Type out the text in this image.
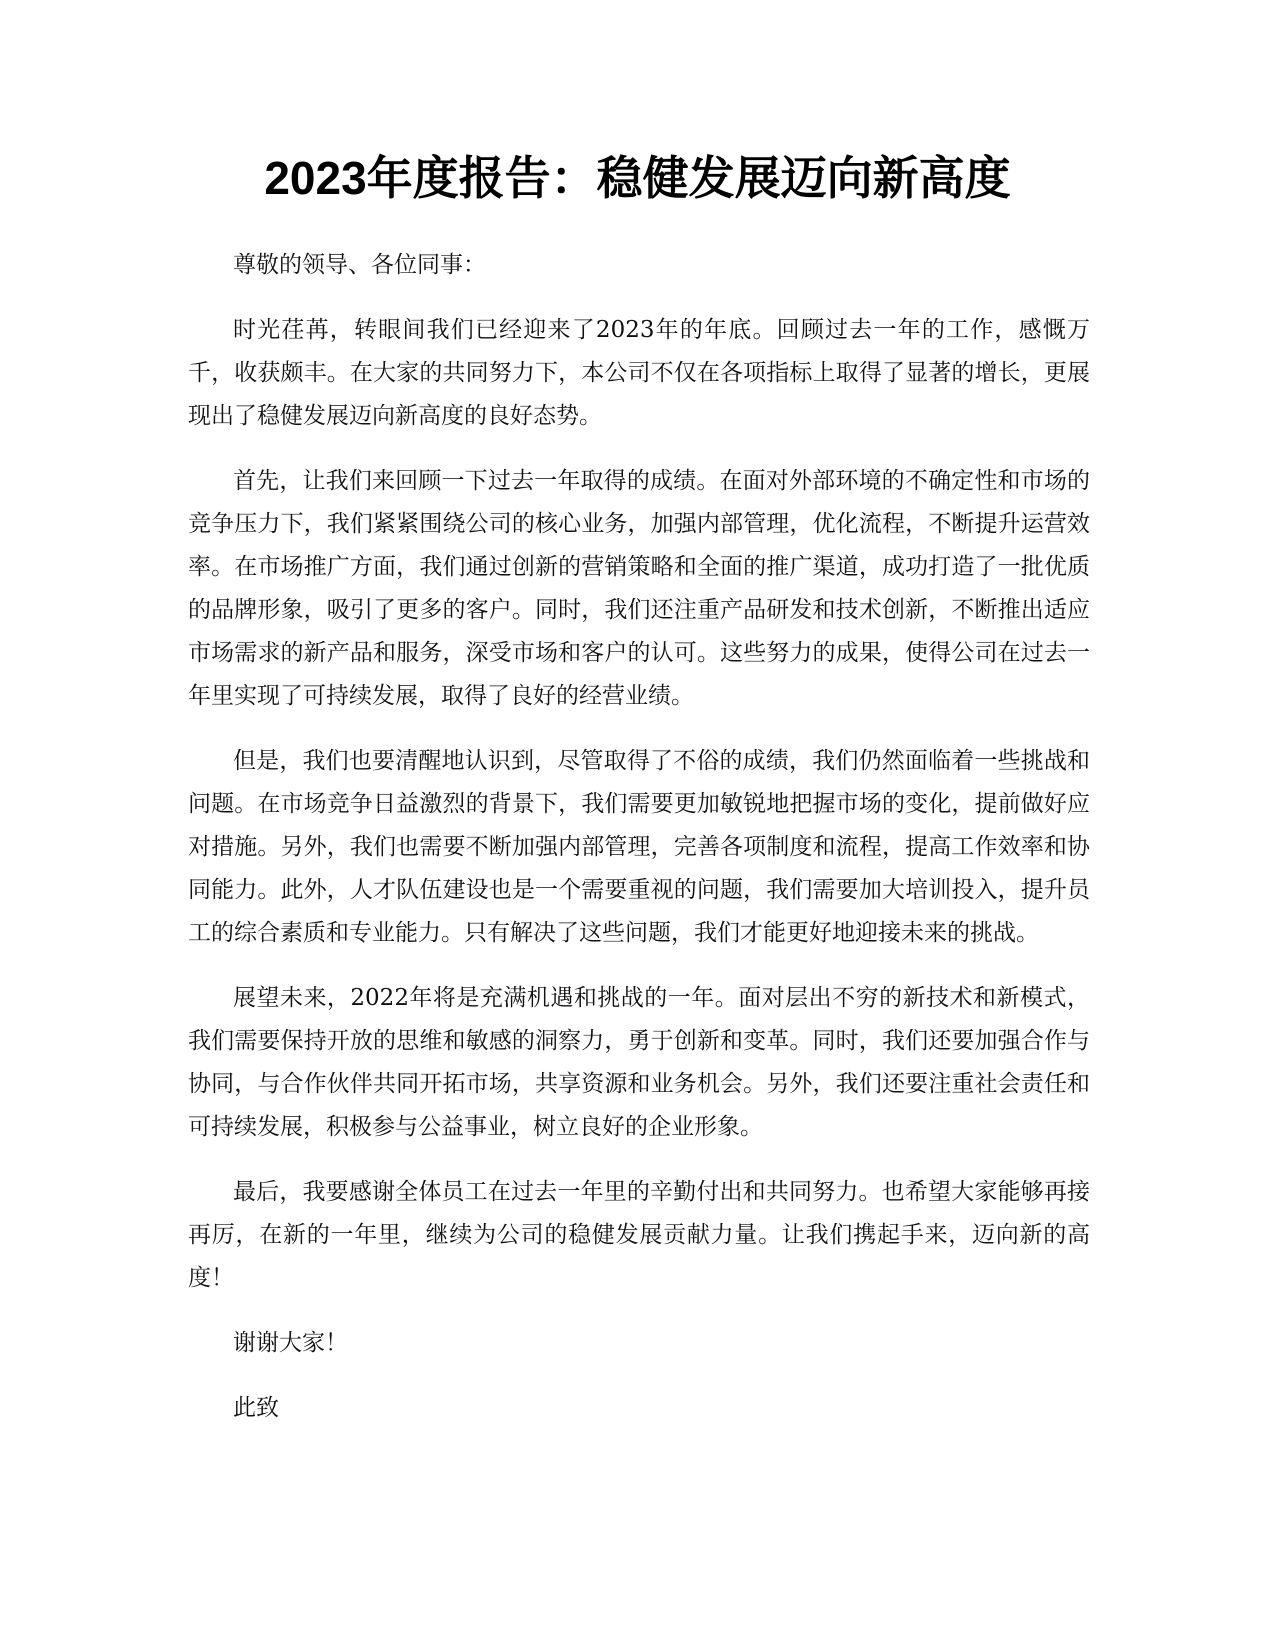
2023年度报告：稳健发展迈向新高度

尊敬的领导、各位同事：

时光荏苒，转眼间我们已经迎来了2023年的年底。回顾过去一年的工作，感慨万千，收获颇丰。在大家的共同努力下，本公司不仅在各项指标上取得了显著的增长，更展现出了稳健发展迈向新高度的良好态势。

首先，让我们来回顾一下过去一年取得的成绩。在面对外部环境的不确定性和市场的竞争压力下，我们紧紧围绕公司的核心业务，加强内部管理，优化流程，不断提升运营效率。在市场推广方面，我们通过创新的营销策略和全面的推广渠道，成功打造了一批优质的品牌形象，吸引了更多的客户。同时，我们还注重产品研发和技术创新，不断推出适应市场需求的新产品和服务，深受市场和客户的认可。这些努力的成果，使得公司在过去一年里实现了可持续发展，取得了良好的经营业绩。

但是，我们也要清醒地认识到，尽管取得了不俗的成绩，我们仍然面临着一些挑战和问题。在市场竞争日益激烈的背景下，我们需要更加敏锐地把握市场的变化，提前做好应对措施。另外，我们也需要不断加强内部管理，完善各项制度和流程，提高工作效率和协同能力。此外，人才队伍建设也是一个需要重视的问题，我们需要加大培训投入，提升员工的综合素质和专业能力。只有解决了这些问题，我们才能更好地迎接未来的挑战。

展望未来，2022年将是充满机遇和挑战的一年。面对层出不穷的新技术和新模式，我们需要保持开放的思维和敏感的洞察力，勇于创新和变革。同时，我们还要加强合作与协同，与合作伙伴共同开拓市场，共享资源和业务机会。另外，我们还要注重社会责任和可持续发展，积极参与公益事业，树立良好的企业形象。

最后，我要感谢全体员工在过去一年里的辛勤付出和共同努力。也希望大家能够再接再厉，在新的一年里，继续为公司的稳健发展贡献力量。让我们携起手来，迈向新的高度！

谢谢大家！

此致
